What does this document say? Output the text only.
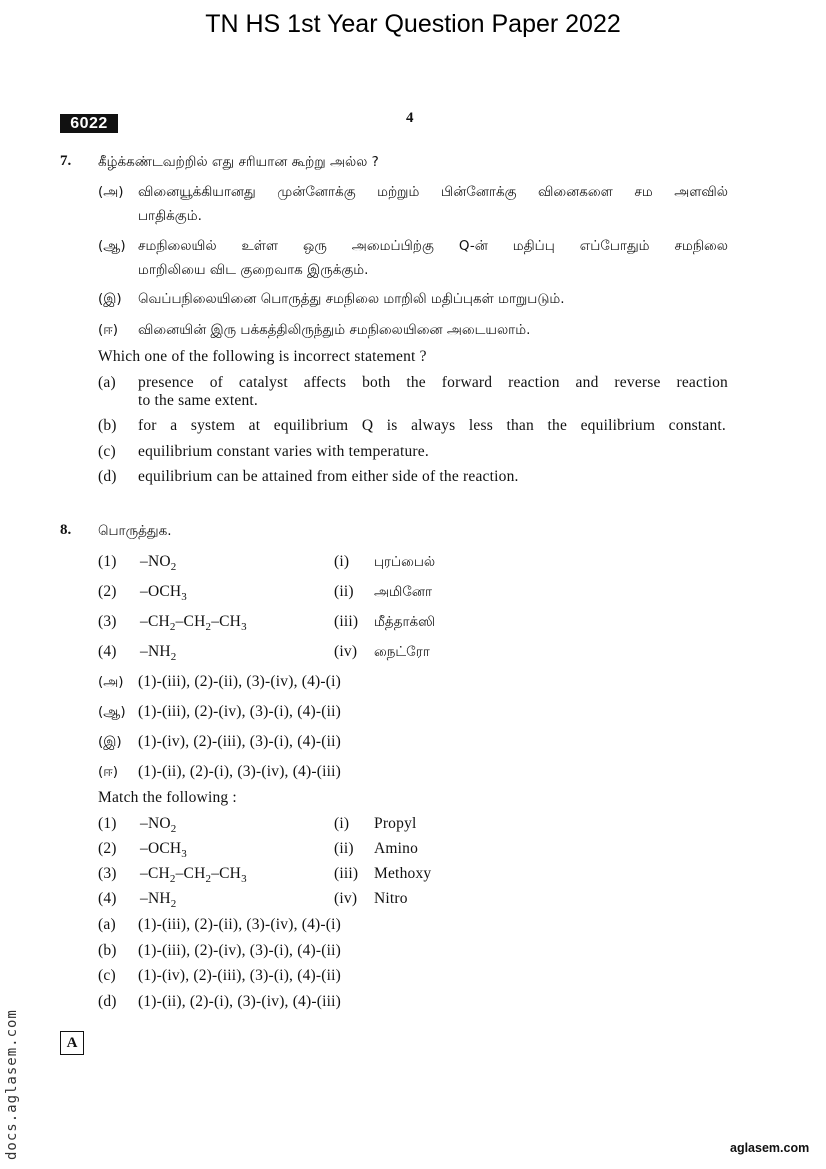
TN HS 1st Year Question Paper 2022
6022	4
7. கீழ்க்கண்டவற்றில் எது சரியான கூற்று அல்ல ?
(அ) வினையூக்கியானது முன்னோக்கு மற்றும் பின்னோக்கு வினைகளை சம அளவில்
பாதிக்கும்.
(ஆ) சமநிலையில் உள்ள ஒரு அமைப்பிற்கு Q-ன் மதிப்பு எப்போதும் சமநிலை
மாறிலியை விட குறைவாக இருக்கும்.
(இ) வெப்பநிலையினை பொருத்து சமநிலை மாறிலி மதிப்புகள் மாறுபடும்.
(ஈ) வினையின் இரு பக்கத்திலிருந்தும் சமநிலையினை அடையலாம்.
Which one of the following is incorrect statement ?
(a) presence of catalyst affects both the forward reaction and reverse reaction
to the same extent.
(b) for a system at equilibrium Q is always less than the equilibrium constant.
(c) equilibrium constant varies with temperature.
(d) equilibrium can be attained from either side of the reaction.
8. பொருத்துக.
(1) $-NO_2$	(i) புரப்பைல்
(2) $-OCH_3$	(ii) அமினோ
(3) $-CH_2-CH_2-CH_3$	(iii) மீத்தாக்ஸி
(4) $-NH_2$	(iv) நைட்ரோ
(அ) (1)-(iii), (2)-(ii), (3)-(iv), (4)-(i)
(ஆ) (1)-(iii), (2)-(iv), (3)-(i), (4)-(ii)
(இ) (1)-(iv), (2)-(iii), (3)-(i), (4)-(ii)
(ஈ) (1)-(ii), (2)-(i), (3)-(iv), (4)-(iii)
Match the following :
(1) $-NO_2$	(i) Propyl
(2) $-OCH_3$	(ii) Amino
(3) $-CH_2-CH_2-CH_3$	(iii) Methoxy
(4) $-NH_2$	(iv) Nitro
(a) (1)-(iii), (2)-(ii), (3)-(iv), (4)-(i)
(b) (1)-(iii), (2)-(iv), (3)-(i), (4)-(ii)
(c) (1)-(iv), (2)-(iii), (3)-(i), (4)-(ii)
(d) (1)-(ii), (2)-(i), (3)-(iv), (4)-(iii)
A
docs.aglasem.com	aglasem.com
